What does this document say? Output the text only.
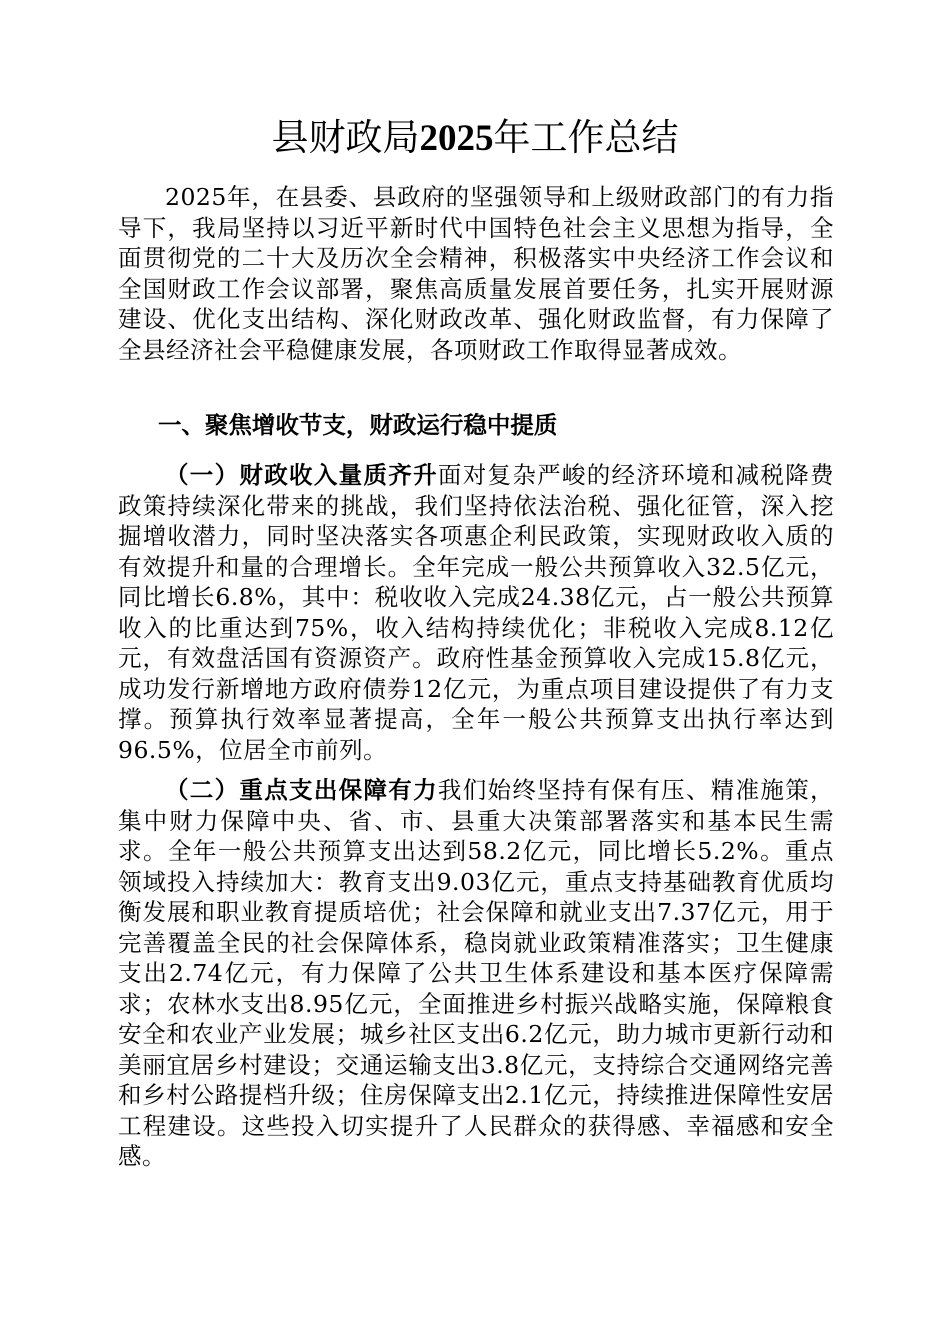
县财政局2025年工作总结

2025年，在县委、县政府的坚强领导和上级财政部门的有力指导下，我局坚持以习近平新时代中国特色社会主义思想为指导，全面贯彻党的二十大及历次全会精神，积极落实中央经济工作会议和全国财政工作会议部署，聚焦高质量发展首要任务，扎实开展财源建设、优化支出结构、深化财政改革、强化财政监督，有力保障了全县经济社会平稳健康发展，各项财政工作取得显著成效。

一、聚焦增收节支，财政运行稳中提质

（一）财政收入量质齐升面对复杂严峻的经济环境和减税降费政策持续深化带来的挑战，我们坚持依法治税、强化征管，深入挖掘增收潜力，同时坚决落实各项惠企利民政策，实现财政收入质的有效提升和量的合理增长。全年完成一般公共预算收入32.5亿元，同比增长6.8%，其中：税收收入完成24.38亿元，占一般公共预算收入的比重达到75%，收入结构持续优化；非税收入完成8.12亿元，有效盘活国有资源资产。政府性基金预算收入完成15.8亿元，成功发行新增地方政府债券12亿元，为重点项目建设提供了有力支撑。预算执行效率显著提高，全年一般公共预算支出执行率达到96.5%，位居全市前列。

（二）重点支出保障有力我们始终坚持有保有压、精准施策，集中财力保障中央、省、市、县重大决策部署落实和基本民生需求。全年一般公共预算支出达到58.2亿元，同比增长5.2%。重点领域投入持续加大：教育支出9.03亿元，重点支持基础教育优质均衡发展和职业教育提质培优；社会保障和就业支出7.37亿元，用于完善覆盖全民的社会保障体系，稳岗就业政策精准落实；卫生健康支出2.74亿元，有力保障了公共卫生体系建设和基本医疗保障需求；农林水支出8.95亿元，全面推进乡村振兴战略实施，保障粮食安全和农业产业发展；城乡社区支出6.2亿元，助力城市更新行动和美丽宜居乡村建设；交通运输支出3.8亿元，支持综合交通网络完善和乡村公路提档升级；住房保障支出2.1亿元，持续推进保障性安居工程建设。这些投入切实提升了人民群众的获得感、幸福感和安全感。
